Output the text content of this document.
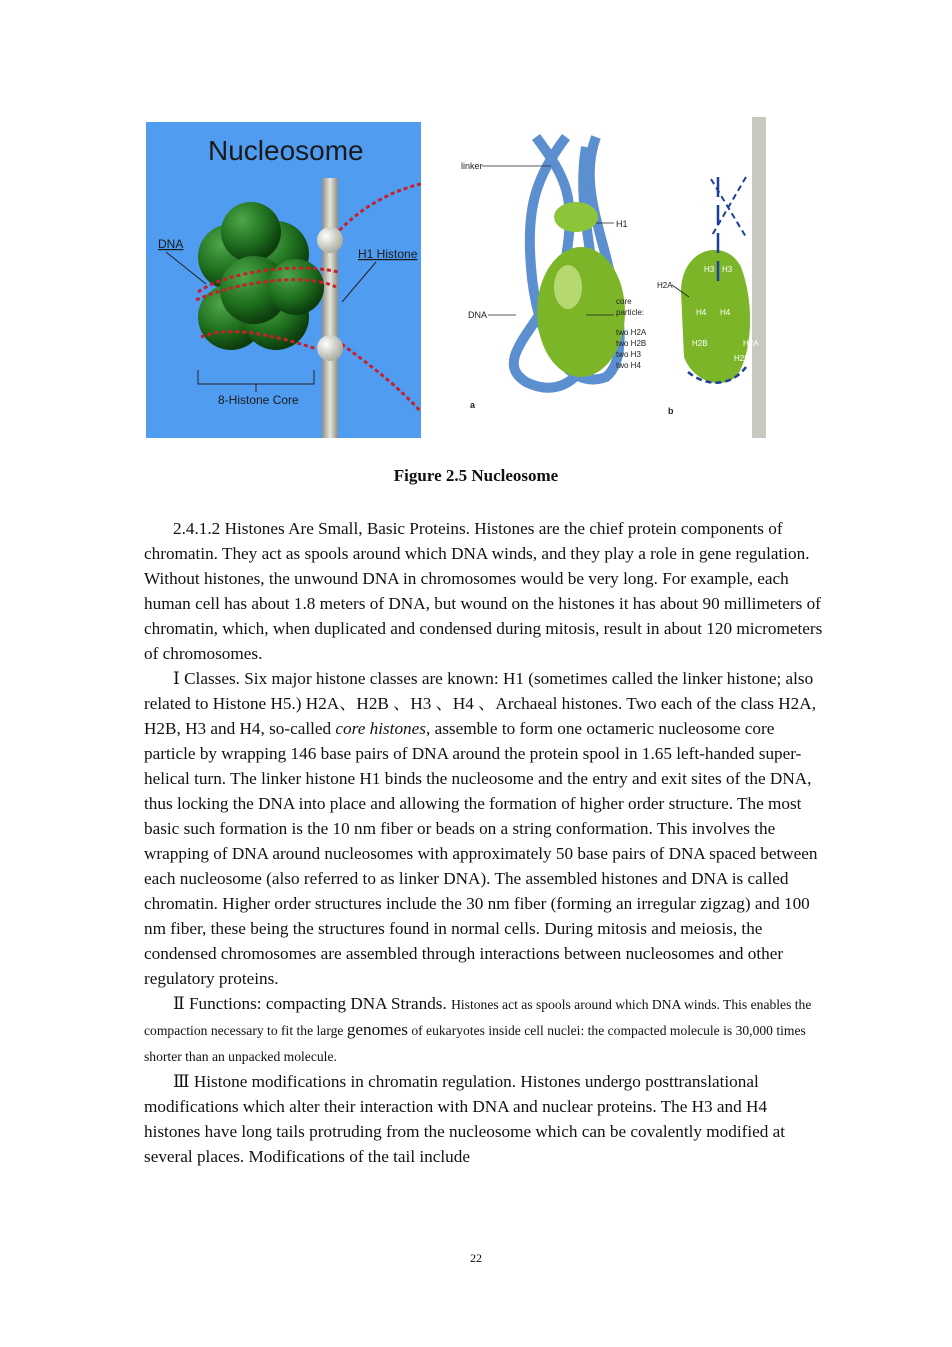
Nucleosome
DNA
H1 Histone
8-Histone Core
linker
H1
DNA
core
particle:
two H2A
two H2B
two H3
two H4
H2A
H3 H3
H4 H4
H2B	H2A
H2B
a
b
Figure 2.5 Nucleosome

2.4.1.2 Histones Are Small, Basic Proteins. Histones are the chief protein components of chromatin. They act as spools around which DNA winds, and they play a role in gene regulation. Without histones, the unwound DNA in chromosomes would be very long. For example, each human cell has about 1.8 meters of DNA, but wound on the histones it has about 90 millimeters of chromatin, which, when duplicated and condensed during mitosis, result in about 120 micrometers of chromosomes.

Ⅰ Classes. Six major histone classes are known: H1 (sometimes called the linker histone; also related to Histone H5.) H2A、H2B 、H3 、H4 、Archaeal histones. Two each of the class H2A, H2B, H3 and H4, so-called core histones, assemble to form one octameric nucleosome core particle by wrapping 146 base pairs of DNA around the protein spool in 1.65 left-handed super-helical turn. The linker histone H1 binds the nucleosome and the entry and exit sites of the DNA, thus locking the DNA into place and allowing the formation of higher order structure. The most basic such formation is the 10 nm fiber or beads on a string conformation. This involves the wrapping of DNA around nucleosomes with approximately 50 base pairs of DNA spaced between each nucleosome (also referred to as linker DNA). The assembled histones and DNA is called chromatin. Higher order structures include the 30 nm fiber (forming an irregular zigzag) and 100 nm fiber, these being the structures found in normal cells. During mitosis and meiosis, the condensed chromosomes are assembled through interactions between nucleosomes and other regulatory proteins.

Ⅱ Functions: compacting DNA Strands. Histones act as spools around which DNA winds. This enables the compaction necessary to fit the large genomes of eukaryotes inside cell nuclei: the compacted molecule is 30,000 times shorter than an unpacked molecule.

Ⅲ Histone modifications in chromatin regulation. Histones undergo posttranslational modifications which alter their interaction with DNA and nuclear proteins. The H3 and H4 histones have long tails protruding from the nucleosome which can be covalently modified at several places. Modifications of the tail include

22
